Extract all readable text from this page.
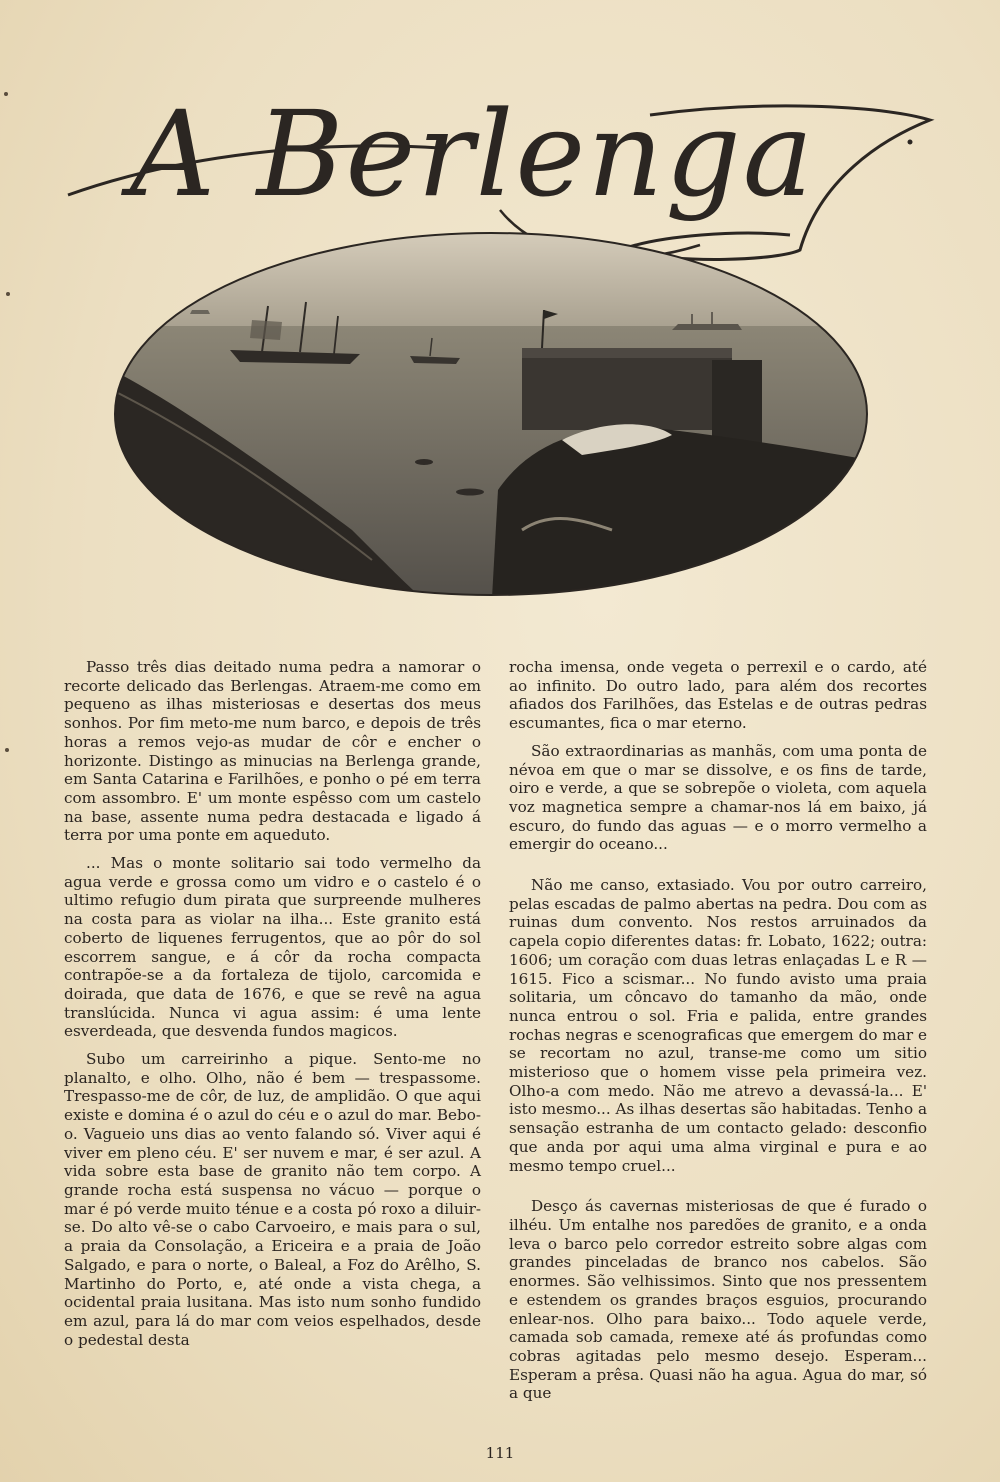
A Berlenga

Passo três dias deitado numa pedra a namorar o recorte delicado das Berlengas. Atraem-me como em pequeno as ilhas misteriosas e desertas dos meus sonhos. Por fim meto-me num barco, e depois de três horas a remos vejo-as mudar de côr e encher o horizonte. Distingo as minucias na Berlenga grande, em Santa Catarina e Farilhões, e ponho o pé em terra com assombro. E' um monte espêsso com um castelo na base, assente numa pedra destacada e ligado á terra por uma ponte em aqueduto.

... Mas o monte solitario sai todo vermelho da agua verde e grossa como um vidro e o castelo é o ultimo refugio dum pirata que surpreende mulheres na costa para as violar na ilha... Este granito está coberto de liquenes ferrugentos, que ao pôr do sol escorrem sangue, e á côr da rocha compacta contrapõe-se a da fortaleza de tijolo, carcomida e doirada, que data de 1676, e que se revê na agua translúcida. Nunca vi agua assim: é uma lente esverdeada, que desvenda fundos magicos.

Subo um carreirinho a pique. Sento-me no planalto, e olho. Olho, não é bem — trespassome. Trespasso-me de côr, de luz, de amplidão. O que aqui existe e domina é o azul do céu e o azul do mar. Bebo-o. Vagueio uns dias ao vento falando só. Viver aqui é viver em pleno céu. E' ser nuvem e mar, é ser azul. A vida sobre esta base de granito não tem corpo. A grande rocha está suspensa no vácuo — porque o mar é pó verde muito ténue e a costa pó roxo a diluir-se. Do alto vê-se o cabo Carvoeiro, e mais para o sul, a praia da Consolação, a Ericeira e a praia de João Salgado, e para o norte, o Baleal, a Foz do Arêlho, S. Martinho do Porto, e, até onde a vista chega, a ocidental praia lusitana. Mas isto num sonho fundido em azul, para lá do mar com veios espelhados, desde o pedestal desta

rocha imensa, onde vegeta o perrexil e o cardo, até ao infinito. Do outro lado, para além dos recortes afiados dos Farilhões, das Estelas e de outras pedras escumantes, fica o mar eterno.

São extraordinarias as manhãs, com uma ponta de névoa em que o mar se dissolve, e os fins de tarde, oiro e verde, a que se sobrepõe o violeta, com aquela voz magnetica sempre a chamar-nos lá em baixo, já escuro, do fundo das aguas — e o morro vermelho a emergir do oceano...

Não me canso, extasiado. Vou por outro carreiro, pelas escadas de palmo abertas na pedra. Dou com as ruinas dum convento. Nos restos arruinados da capela copio diferentes datas: fr. Lobato, 1622; outra: 1606; um coração com duas letras enlaçadas L e R — 1615. Fico a scismar... No fundo avisto uma praia solitaria, um côncavo do tamanho da mão, onde nunca entrou o sol. Fria e palida, entre grandes rochas negras e scenograficas que emergem do mar e se recortam no azul, transe-me como um sitio misterioso que o homem visse pela primeira vez. Olho-a com medo. Não me atrevo a devassá-la... E' isto mesmo... As ilhas desertas são habitadas. Tenho a sensação estranha de um contacto gelado: desconfio que anda por aqui uma alma virginal e pura e ao mesmo tempo cruel...

Desço ás cavernas misteriosas de que é furado o ilhéu. Um entalhe nos paredões de granito, e a onda leva o barco pelo corredor estreito sobre algas com grandes pinceladas de branco nos cabelos. São enormes. São velhissimos. Sinto que nos pressentem e estendem os grandes braços esguios, procurando enlear-nos. Olho para baixo... Todo aquele verde, camada sob camada, remexe até ás profundas como cobras agitadas pelo mesmo desejo. Esperam... Esperam a prêsa. Quasi não ha agua. Agua do mar, só a que

111
